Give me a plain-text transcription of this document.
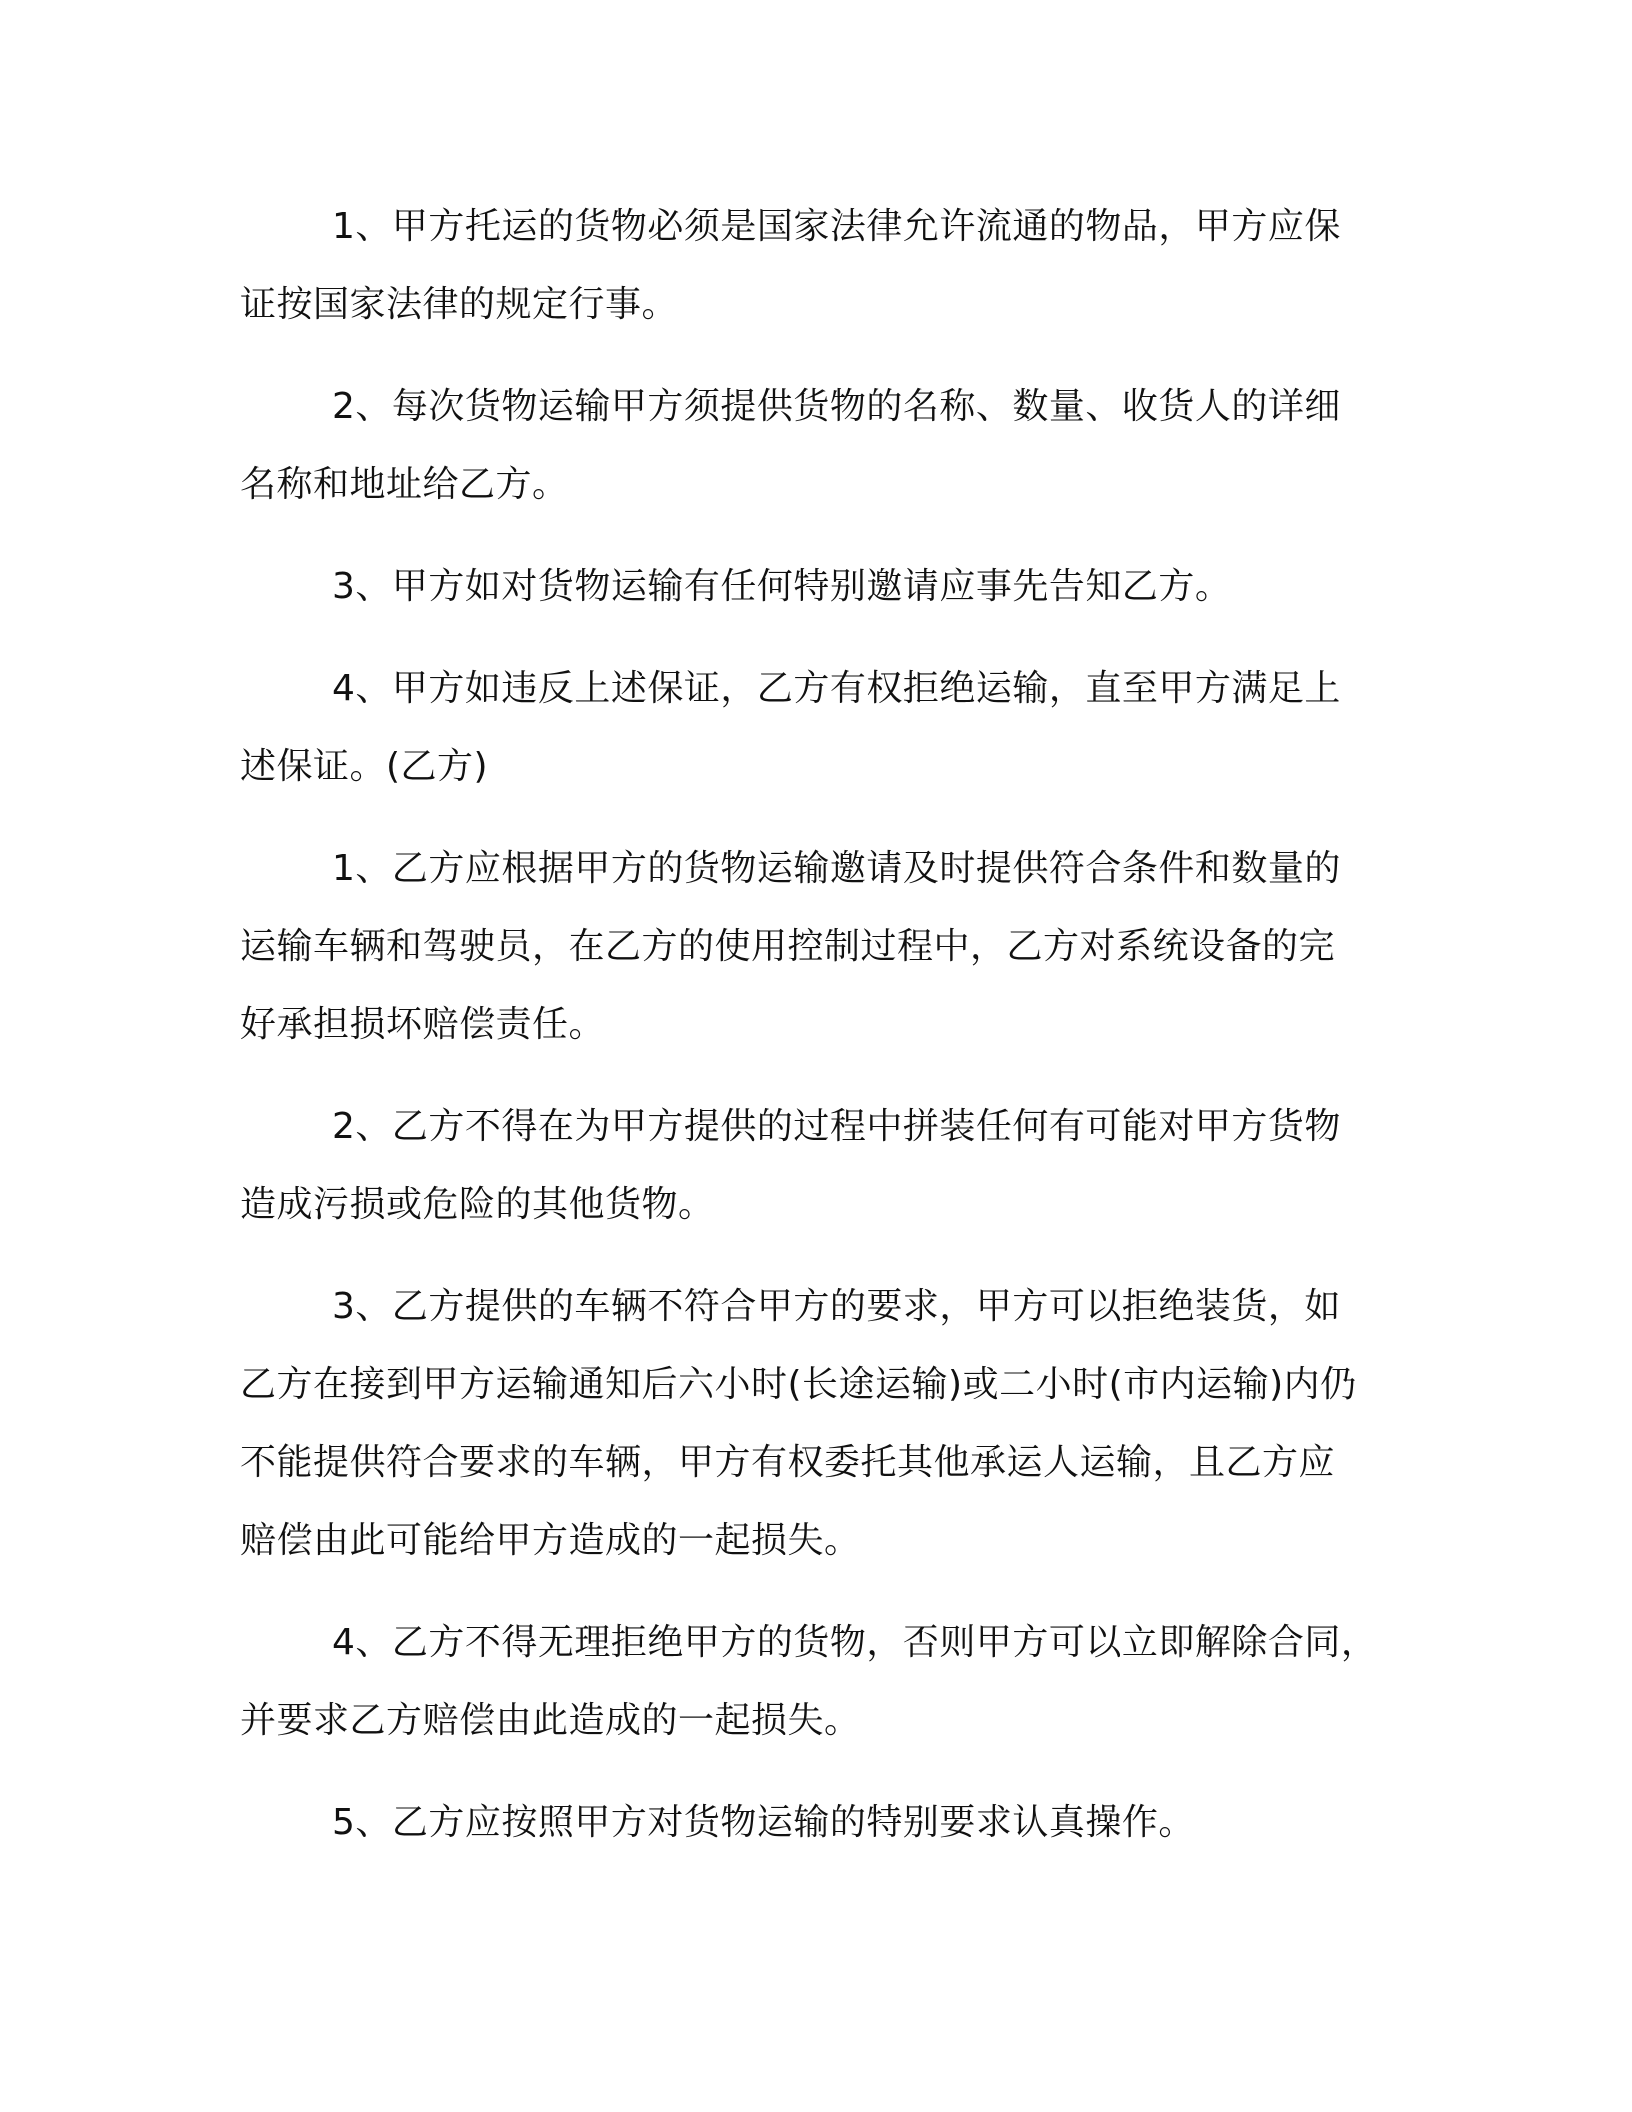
1、甲方托运的货物必须是国家法律允许流通的物品，甲方应保
证按国家法律的规定行事。

2、每次货物运输甲方须提供货物的名称、数量、收货人的详细
名称和地址给乙方。

3、甲方如对货物运输有任何特别邀请应事先告知乙方。

4、甲方如违反上述保证，乙方有权拒绝运输，直至甲方满足上
述保证。(乙方)

1、乙方应根据甲方的货物运输邀请及时提供符合条件和数量的
运输车辆和驾驶员，在乙方的使用控制过程中，乙方对系统设备的完
好承担损坏赔偿责任。

2、乙方不得在为甲方提供的过程中拼装任何有可能对甲方货物
造成污损或危险的其他货物。

3、乙方提供的车辆不符合甲方的要求，甲方可以拒绝装货，如
乙方在接到甲方运输通知后六小时(长途运输)或二小时(市内运输)内仍
不能提供符合要求的车辆，甲方有权委托其他承运人运输，且乙方应
赔偿由此可能给甲方造成的一起损失。

4、乙方不得无理拒绝甲方的货物，否则甲方可以立即解除合同，
并要求乙方赔偿由此造成的一起损失。

5、乙方应按照甲方对货物运输的特别要求认真操作。
